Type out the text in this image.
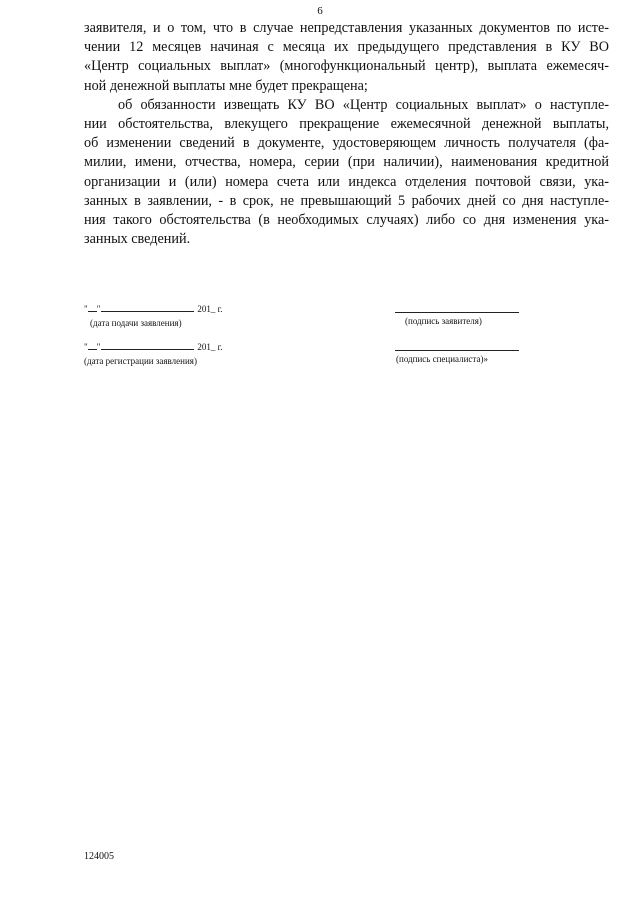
6
заявителя, и о том, что в случае непредставления указанных документов по исте-
чении 12 месяцев начиная с месяца их предыдущего представления в КУ ВО
«Центр социальных выплат» (многофункциональный центр), выплата ежемесяч-
ной денежной выплаты мне будет прекращена;
об обязанности извещать КУ ВО «Центр социальных выплат» о наступле-
нии обстоятельства, влекущего прекращение ежемесячной денежной выплаты,
об изменении сведений в документе, удостоверяющем личность получателя (фа-
милии, имени, отчества, номера, серии (при наличии), наименования кредитной
организации и (или) номера счета или индекса отделения почтовой связи, ука-
занных в заявлении, - в срок, не превышающий 5 рабочих дней со дня наступле-
ния такого обстоятельства (в необходимых случаях) либо со дня изменения ука-
занных сведений.
" "	201_ г.
(дата подачи заявления)	(подпись заявителя)
" "	201_ г.
(дата регистрации заявления)	(подпись специалиста)»
124005
